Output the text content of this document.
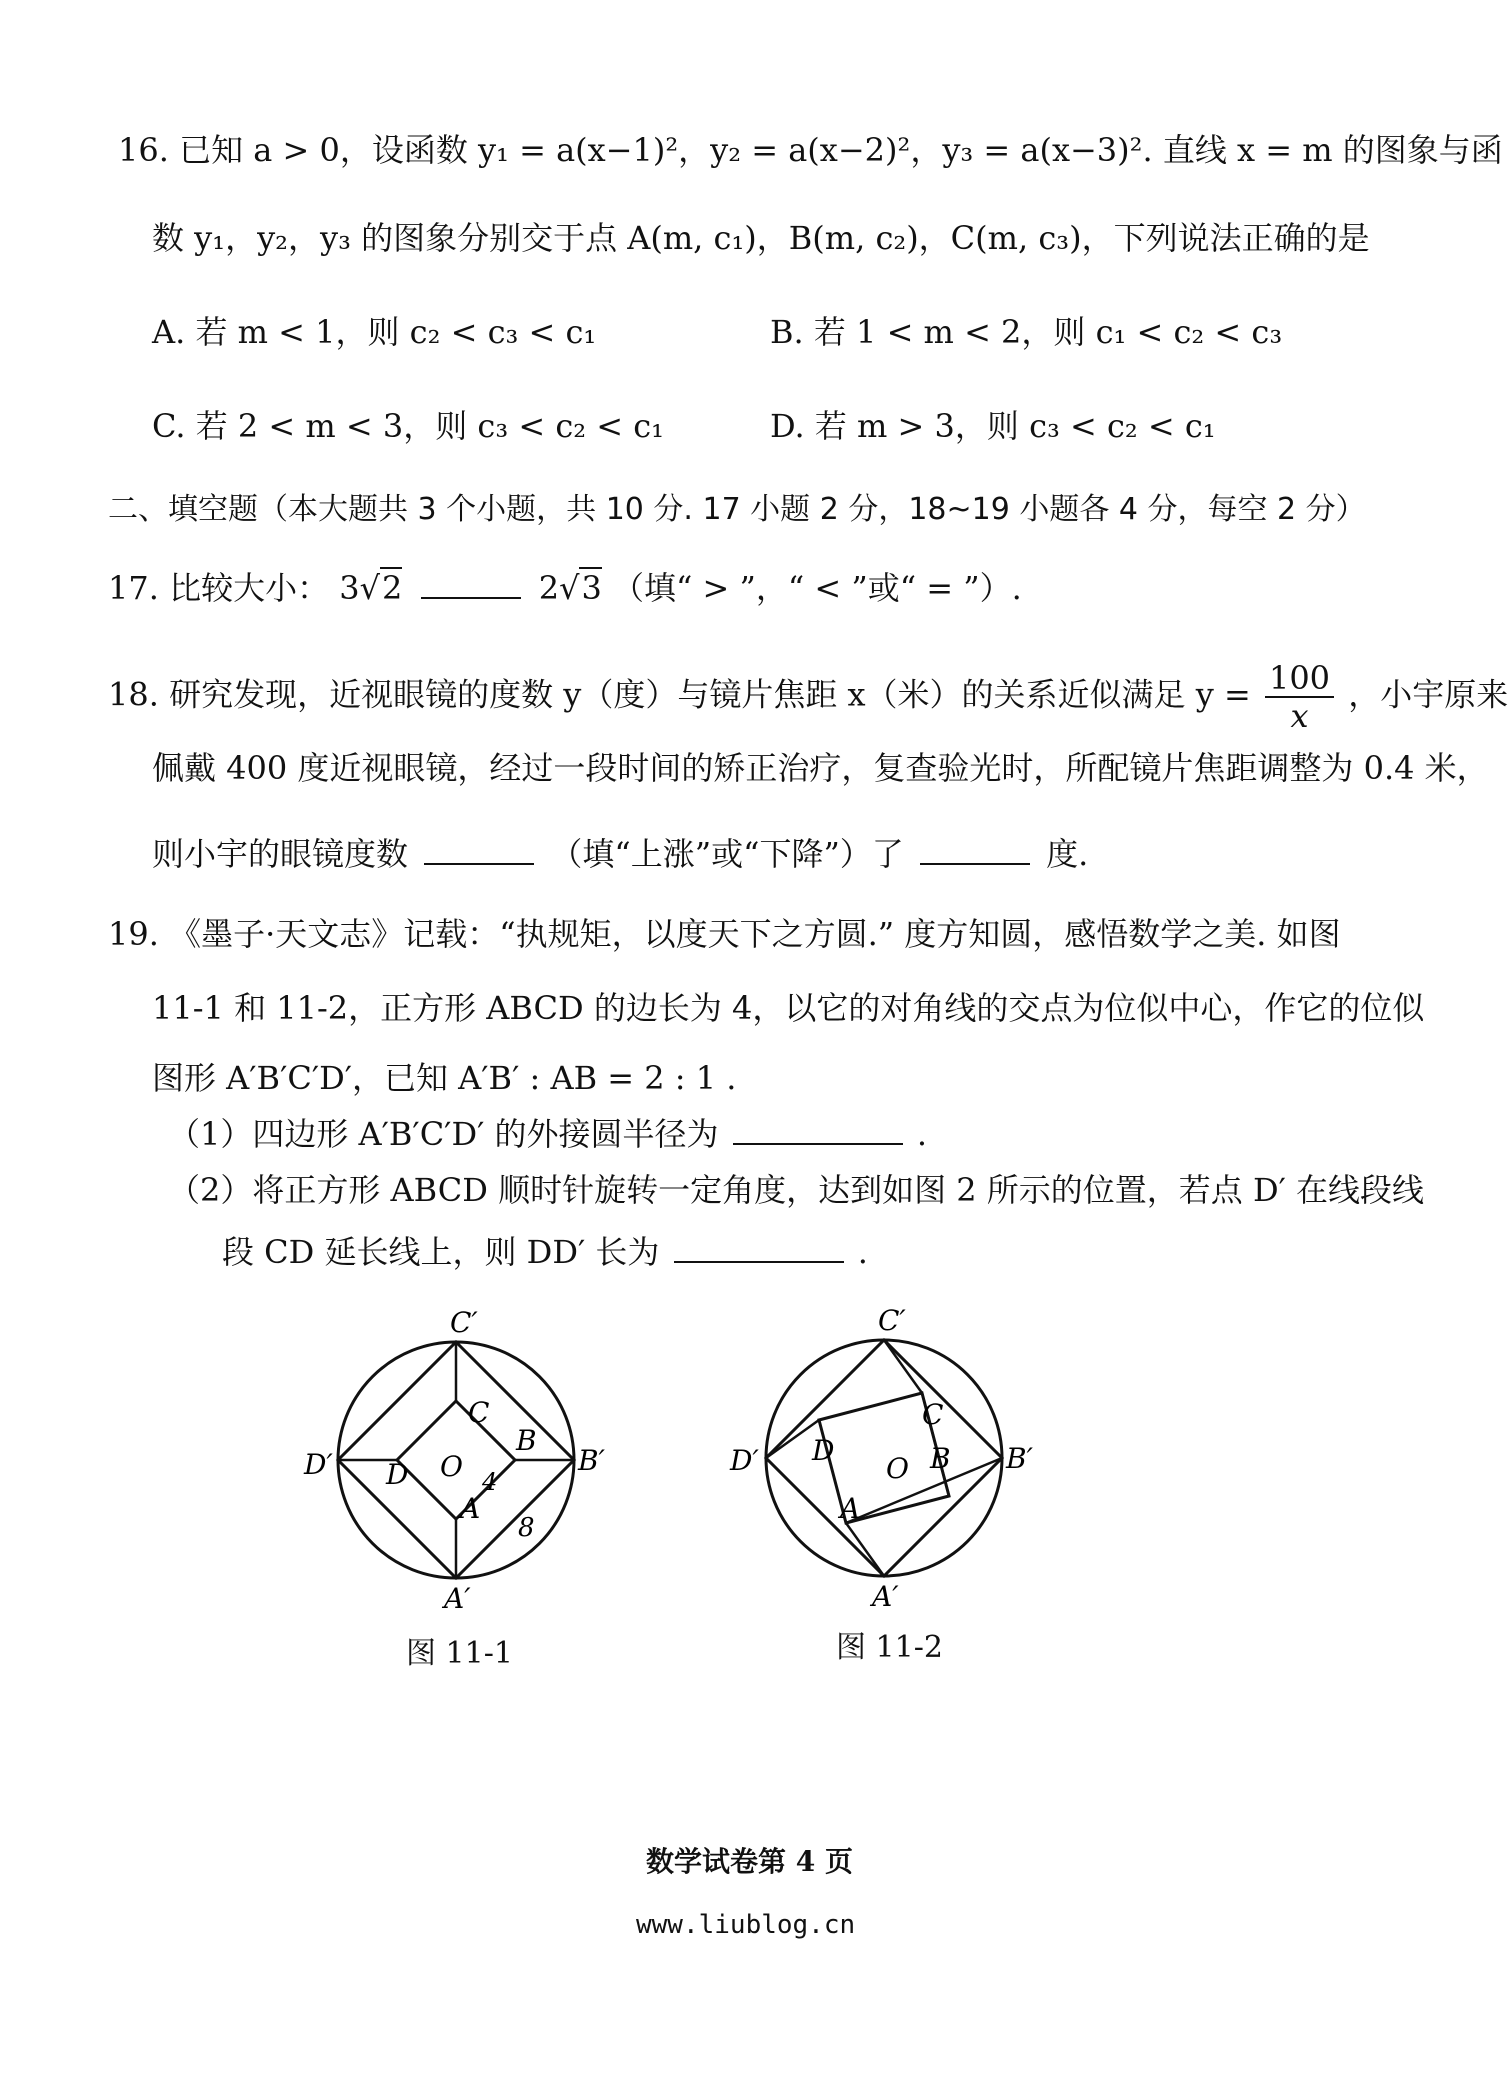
16. 已知 a > 0，设函数 y₁ = a(x−1)²，y₂ = a(x−2)²，y₃ = a(x−3)². 直线 x = m 的图象与函
数 y₁，y₂，y₃ 的图象分别交于点 A(m, c₁)，B(m, c₂)，C(m, c₃)，下列说法正确的是
A. 若 m < 1，则 c₂ < c₃ < c₁	B. 若 1 < m < 2，则 c₁ < c₂ < c₃
C. 若 2 < m < 3，则 c₃ < c₂ < c₁	D. 若 m > 3，则 c₃ < c₂ < c₁
二、填空题（本大题共 3 个小题，共 10 分. 17 小题 2 分，18~19 小题各 4 分，每空 2 分）
17. 比较大小： 3√2	2√3 （填“ > ”，“ < ”或“ = ”）.
18. 研究发现，近视眼镜的度数 y（度）与镜片焦距 x（米）的关系近似满足 $y = \frac{100}{x}$ ，小宇原来
佩戴 400 度近视眼镜，经过一段时间的矫正治疗，复查验光时，所配镜片焦距调整为 0.4 米，
则小宇的眼镜度数	（填“上涨”或“下降”）了	度.
19. 《墨子·天文志》记载：“执规矩，以度天下之方圆.” 度方知圆，感悟数学之美. 如图
11-1 和 11-2，正方形 ABCD 的边长为 4，以它的对角线的交点为位似中心，作它的位似
图形 A′B′C′D′，已知 A′B′ : AB = 2 : 1 .
（1）四边形 A′B′C′D′ 的外接圆半径为	.
（2）将正方形 ABCD 顺时针旋转一定角度，达到如图 2 所示的位置，若点 D′ 在线段线
段 CD 延长线上，则 DD′ 长为	.
C′
B′
A′
D′
C
B
A
D O 4
8
图 11-1
C′
B′
A′
D′
C
B
A
D
O
图 11-2
数学试卷第 4 页
www.liublog.cn
